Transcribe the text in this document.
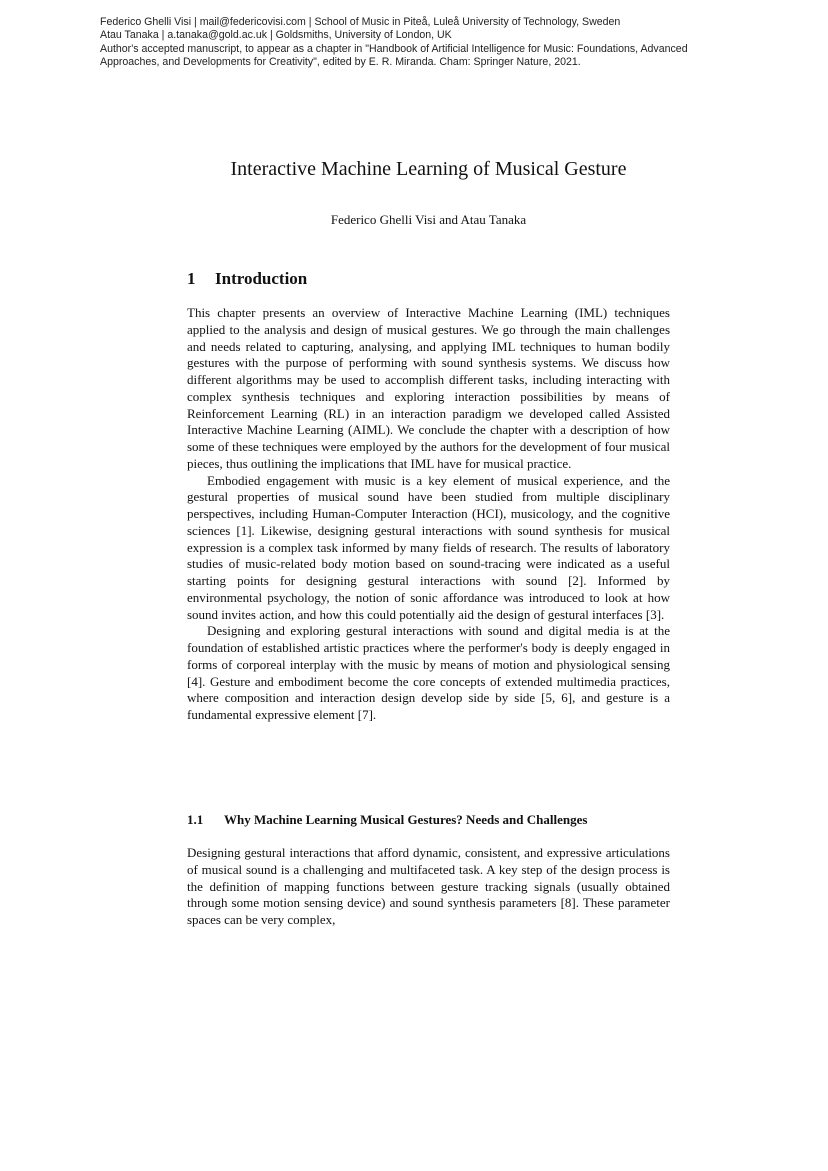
Federico Ghelli Visi | mail@federicovisi.com | School of Music in Piteå, Luleå University of Technology, Sweden
Atau Tanaka | a.tanaka@gold.ac.uk | Goldsmiths, University of London, UK
Author's accepted manuscript, to appear as a chapter in "Handbook of Artificial Intelligence for Music: Foundations, Advanced
Approaches, and Developments for Creativity", edited by E. R. Miranda. Cham: Springer Nature, 2021.
Interactive Machine Learning of Musical Gesture
Federico Ghelli Visi and Atau Tanaka
1 Introduction

This chapter presents an overview of Interactive Machine Learning (IML) techniques applied to the analysis and design of musical gestures. We go through the main challenges and needs related to capturing, analysing, and applying IML techniques to human bodily gestures with the purpose of performing with sound synthesis systems. We discuss how different algorithms may be used to accomplish different tasks, including interacting with complex synthesis techniques and exploring interaction possibilities by means of Reinforcement Learning (RL) in an interaction paradigm we developed called Assisted Interactive Machine Learning (AIML). We conclude the chapter with a description of how some of these techniques were employed by the authors for the development of four musical pieces, thus outlining the implications that IML have for musical practice.

Embodied engagement with music is a key element of musical experience, and the gestural properties of musical sound have been studied from multiple disciplinary perspectives, including Human-Computer Interaction (HCI), musicology, and the cognitive sciences [1]. Likewise, designing gestural interactions with sound synthesis for musical expression is a complex task informed by many fields of research. The results of laboratory studies of music-related body motion based on sound-tracing were indicated as a useful starting points for designing gestural interactions with sound [2]. Informed by environmental psychology, the notion of sonic affordance was introduced to look at how sound invites action, and how this could potentially aid the design of gestural interfaces [3].

Designing and exploring gestural interactions with sound and digital media is at the foundation of established artistic practices where the performer's body is deeply engaged in forms of corporeal interplay with the music by means of motion and physiological sensing [4]. Gesture and embodiment become the core concepts of extended multimedia practices, where composition and interaction design develop side by side [5, 6], and gesture is a fundamental expressive element [7].

1.1	Why Machine Learning Musical Gestures? Needs and Challenges

Designing gestural interactions that afford dynamic, consistent, and expressive articulations of musical sound is a challenging and multifaceted task. A key step of the design process is the definition of mapping functions between gesture tracking signals (usually obtained through some motion sensing device) and sound synthesis parameters [8]. These parameter spaces can be very complex,
